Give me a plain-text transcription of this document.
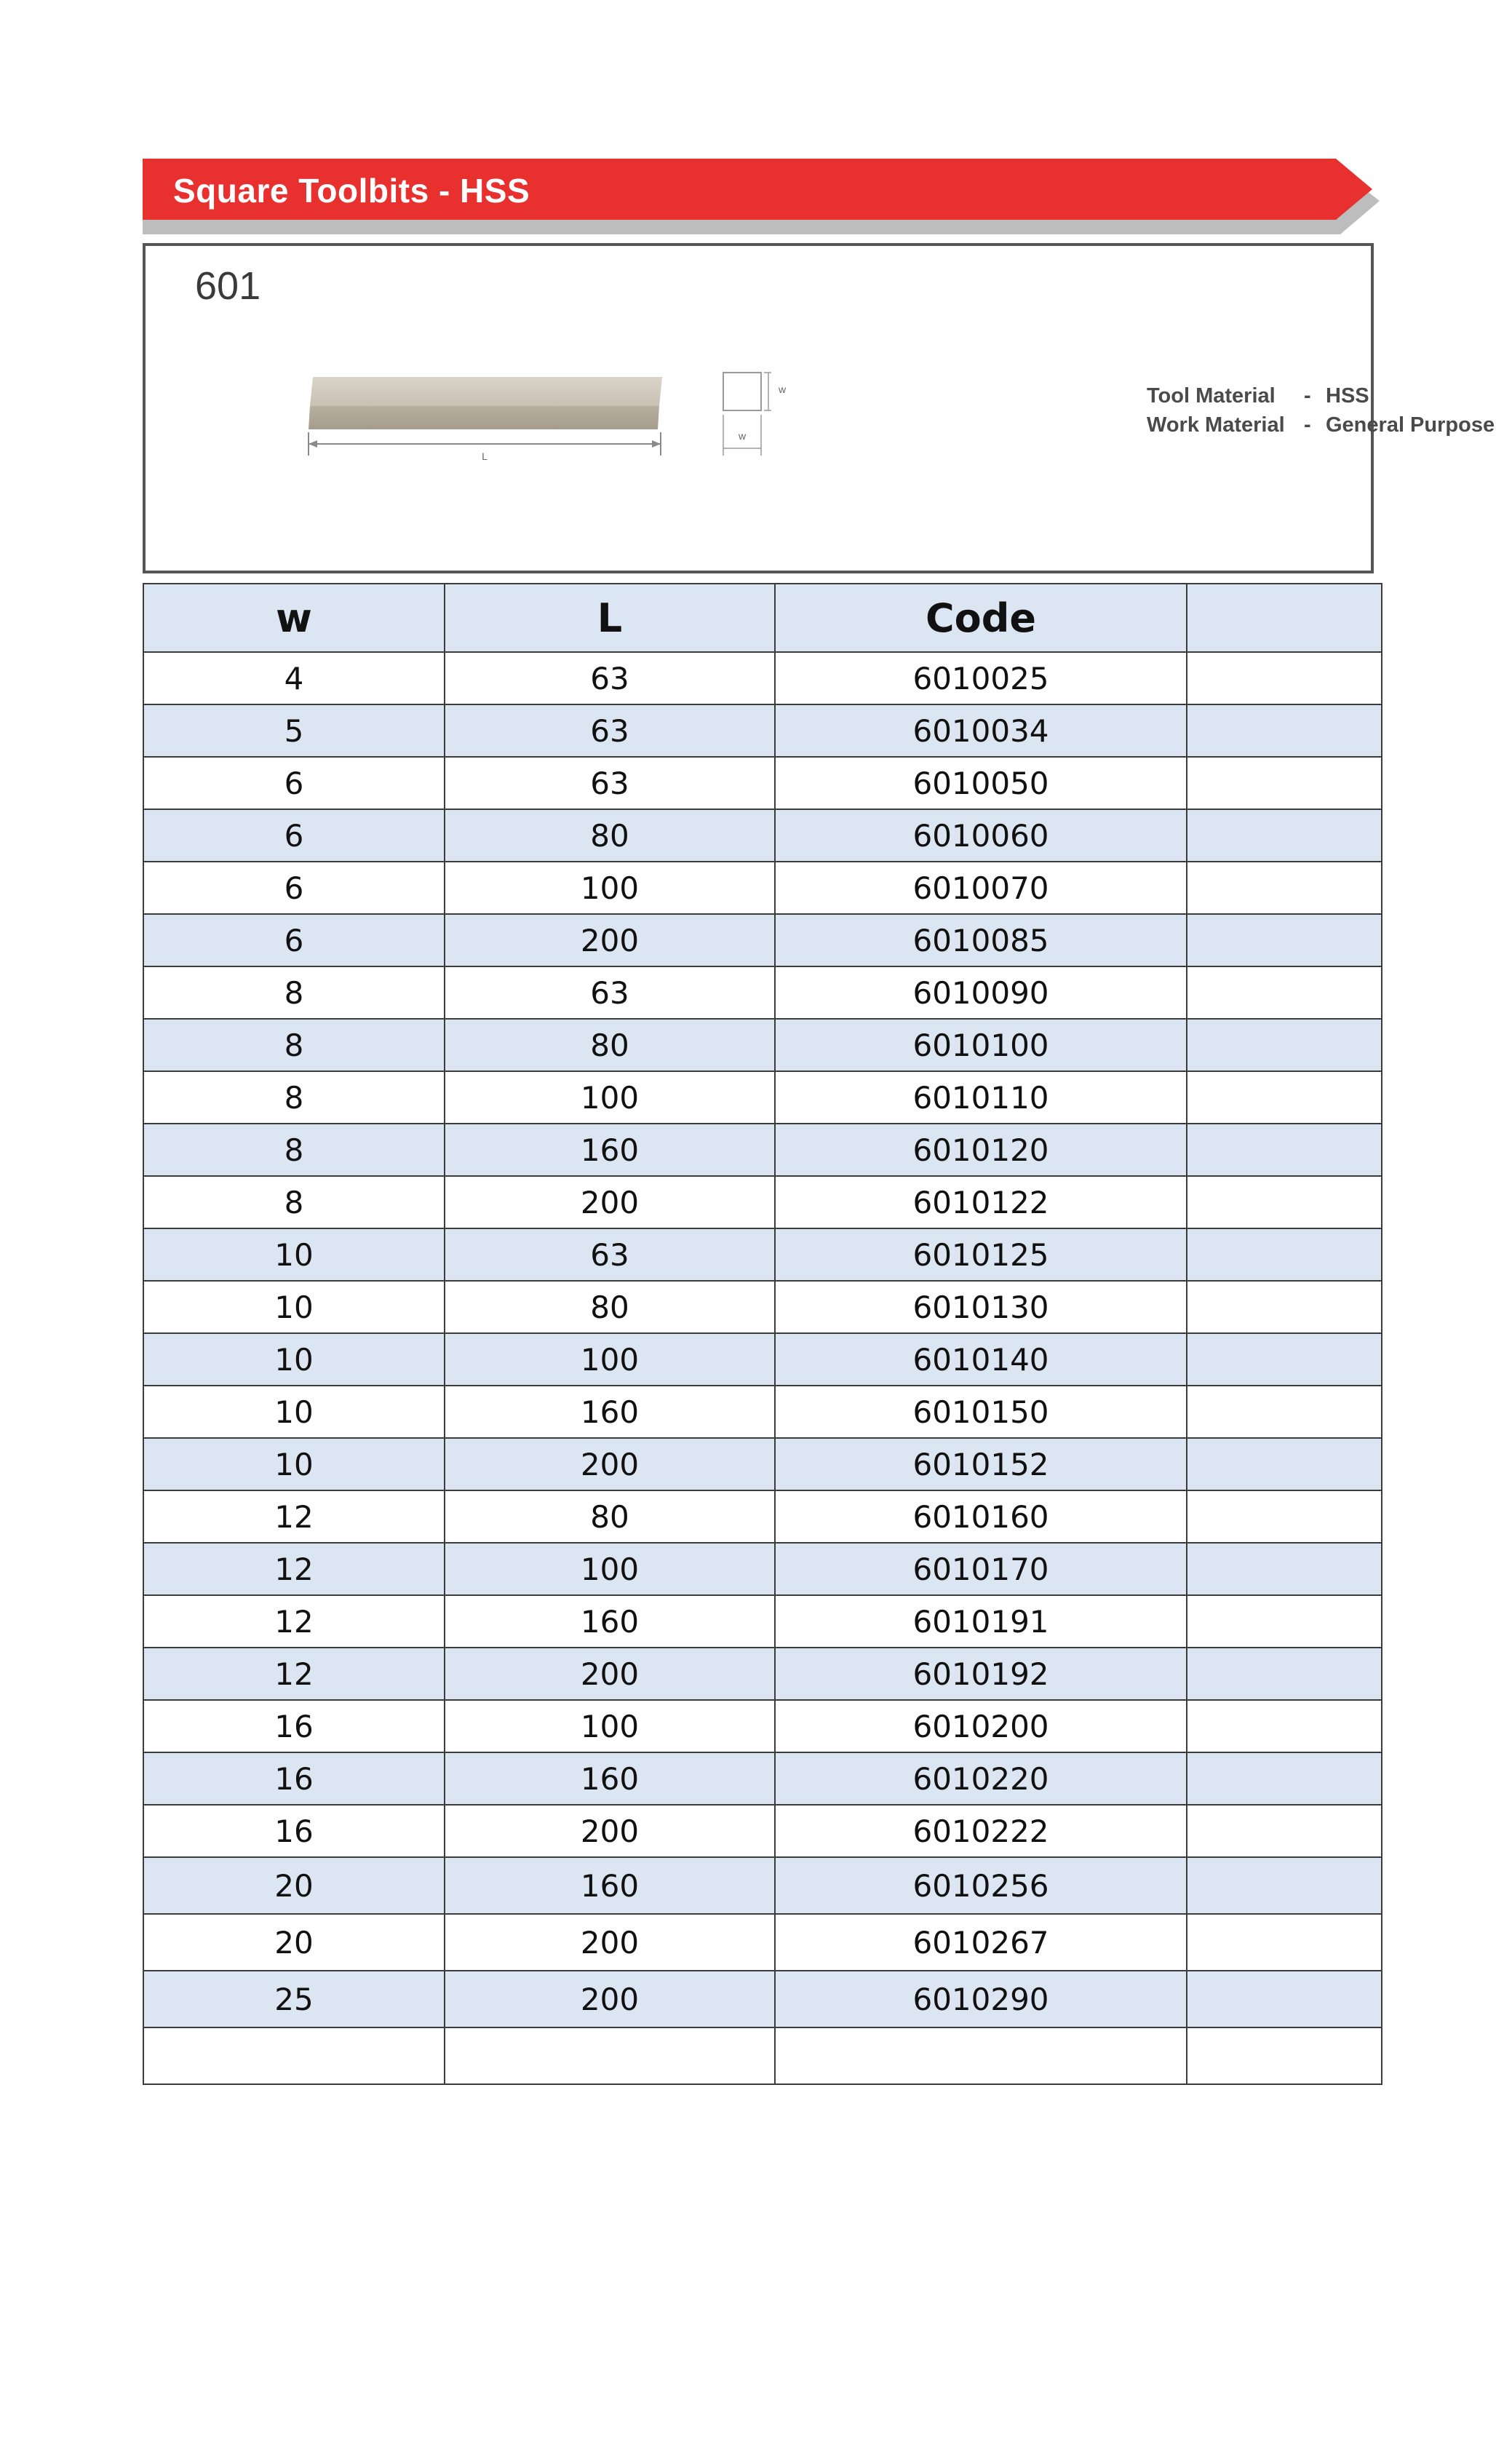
Square Toolbits - HSS
601
L
w
w
Tool Material	- HSS
Work Material - General Purpose
w	L	Code	
4	63	6010025	
5	63	6010034	
6	63	6010050	
6	80	6010060	
6	100	6010070	
6	200	6010085	
8	63	6010090	
8	80	6010100	
8	100	6010110	
8	160	6010120	
8	200	6010122	
10	63	6010125	
10	80	6010130	
10	100	6010140	
10	160	6010150	
10	200	6010152	
12	80	6010160	
12	100	6010170	
12	160	6010191	
12	200	6010192	
16	100	6010200	
16	160	6010220	
16	200	6010222	
20	160	6010256	
20	200	6010267	
25	200	6010290	
